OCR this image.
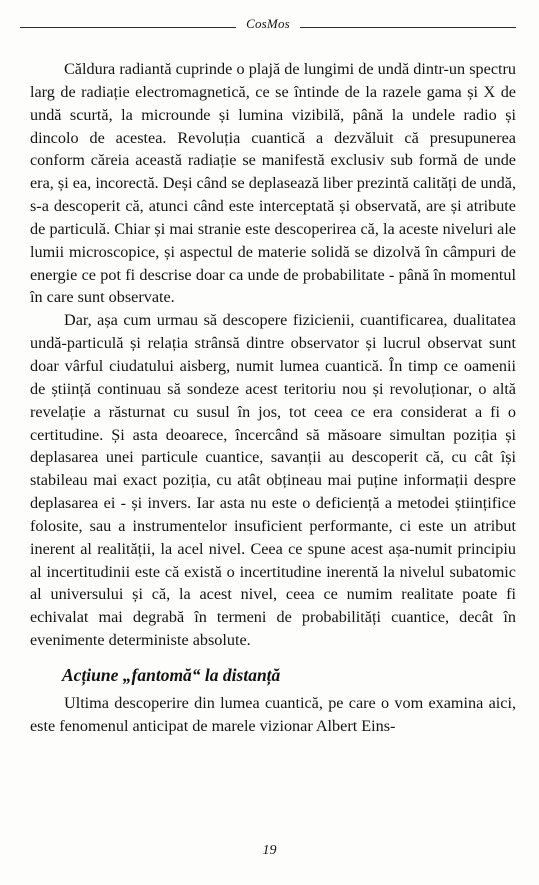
CosMos

Căldura radiantă cuprinde o plajă de lungimi de undă dintr-un spectru larg de radiație electromagnetică, ce se întinde de la razele gama și X de undă scurtă, la microunde și lumina vizibilă, până la undele radio și dincolo de acestea. Revoluția cuantică a dezvăluit că presupunerea conform căreia această radiație se manifestă exclusiv sub formă de unde era, și ea, incorectă. Deși când se deplasează liber prezintă calități de undă, s-a descoperit că, atunci când este interceptată și observată, are și atribute de particulă. Chiar și mai stranie este descoperirea că, la aceste niveluri ale lumii microscopice, și aspectul de materie solidă se dizolvă în câmpuri de energie ce pot fi descrise doar ca unde de probabilitate - până în momentul în care sunt observate.

Dar, așa cum urmau să descopere fizicienii, cuantificarea, dualitatea undă-particulă și relația strânsă dintre observator și lucrul observat sunt doar vârful ciudatului aisberg, numit lumea cuantică. În timp ce oamenii de știință continuau să sondeze acest teritoriu nou și revoluționar, o altă revelație a răsturnat cu susul în jos, tot ceea ce era considerat a fi o certitudine. Și asta deoarece, încercând să măsoare simultan poziția și deplasarea unei particule cuantice, savanții au descoperit că, cu cât își stabileau mai exact poziția, cu atât obțineau mai puține informații despre deplasarea ei - și invers. Iar asta nu este o deficiență a metodei științifice folosite, sau a instrumentelor insuficient performante, ci este un atribut inerent al realității, la acel nivel. Ceea ce spune acest așa-numit principiu al incertitudinii este că există o incertitudine inerentă la nivelul subatomic al universului și că, la acest nivel, ceea ce numim realitate poate fi echivalat mai degrabă în termeni de probabilități cuantice, decât în evenimente deterministe absolute.

Acțiune „fantomă“ la distanță

Ultima descoperire din lumea cuantică, pe care o vom examina aici, este fenomenul anticipat de marele vizionar Albert Eins-

19
